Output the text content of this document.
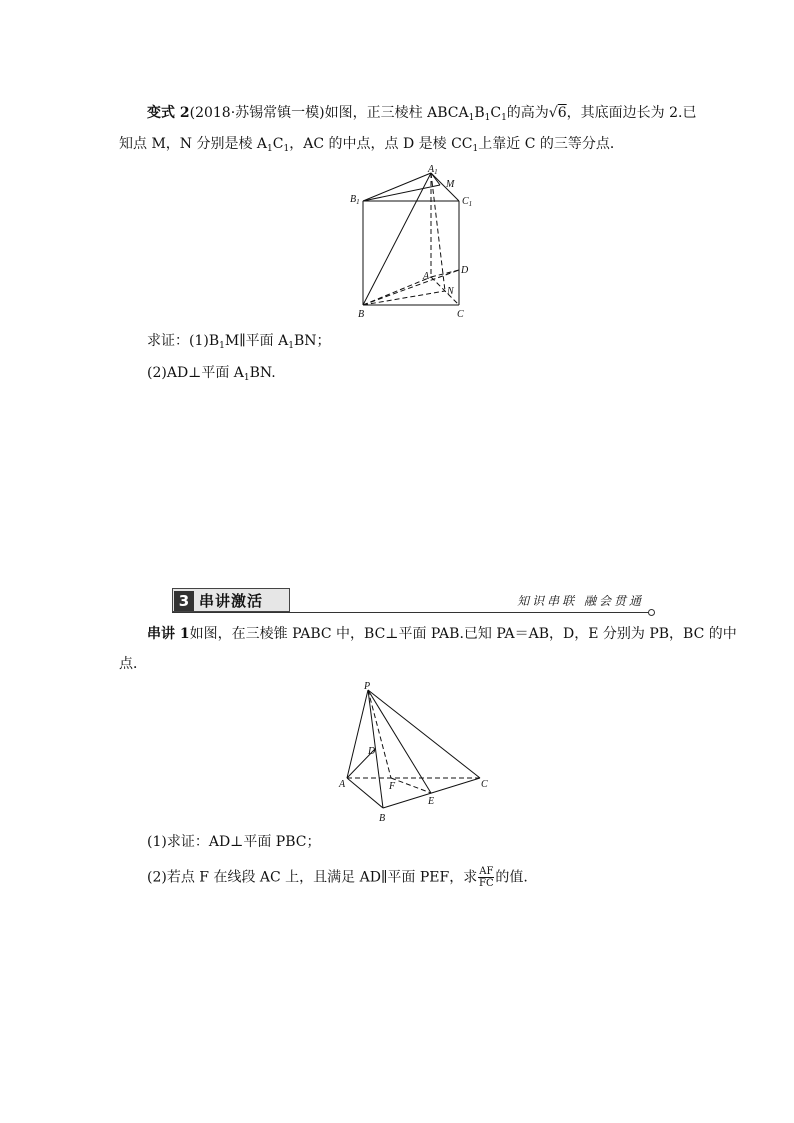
变式 2(2018·苏锡常镇一模)如图，正三棱柱 $ABCA_1B_1C_1$的高为√6，其底面边长为 2.已
知点 M，N 分别是棱 $A_1C_1$，AC 的中点，点 D 是棱 $CC_1$上靠近 C 的三等分点．
$A_1$
M
$B_1$	$C_1$
A
D
N
B	C
求证：$(1)B_1M\parallel$平面 $A_1BN$；
(2)AD⊥平面 $A_1BN$.
3 串讲激活	知识串联 融会贯通
串讲 1如图，在三棱锥 PABC 中，BC⊥平面 PAB.已知 PA＝AB，D，E 分别为 PB，BC 的中
点．
P
D
A	F
E
C
B
(1)求证：AD⊥平面 PBC；
(2)若点 F 在线段 AC 上，且满足 AD∥平面 PEF，求 $\frac{AF}{FC}$ 的值.
